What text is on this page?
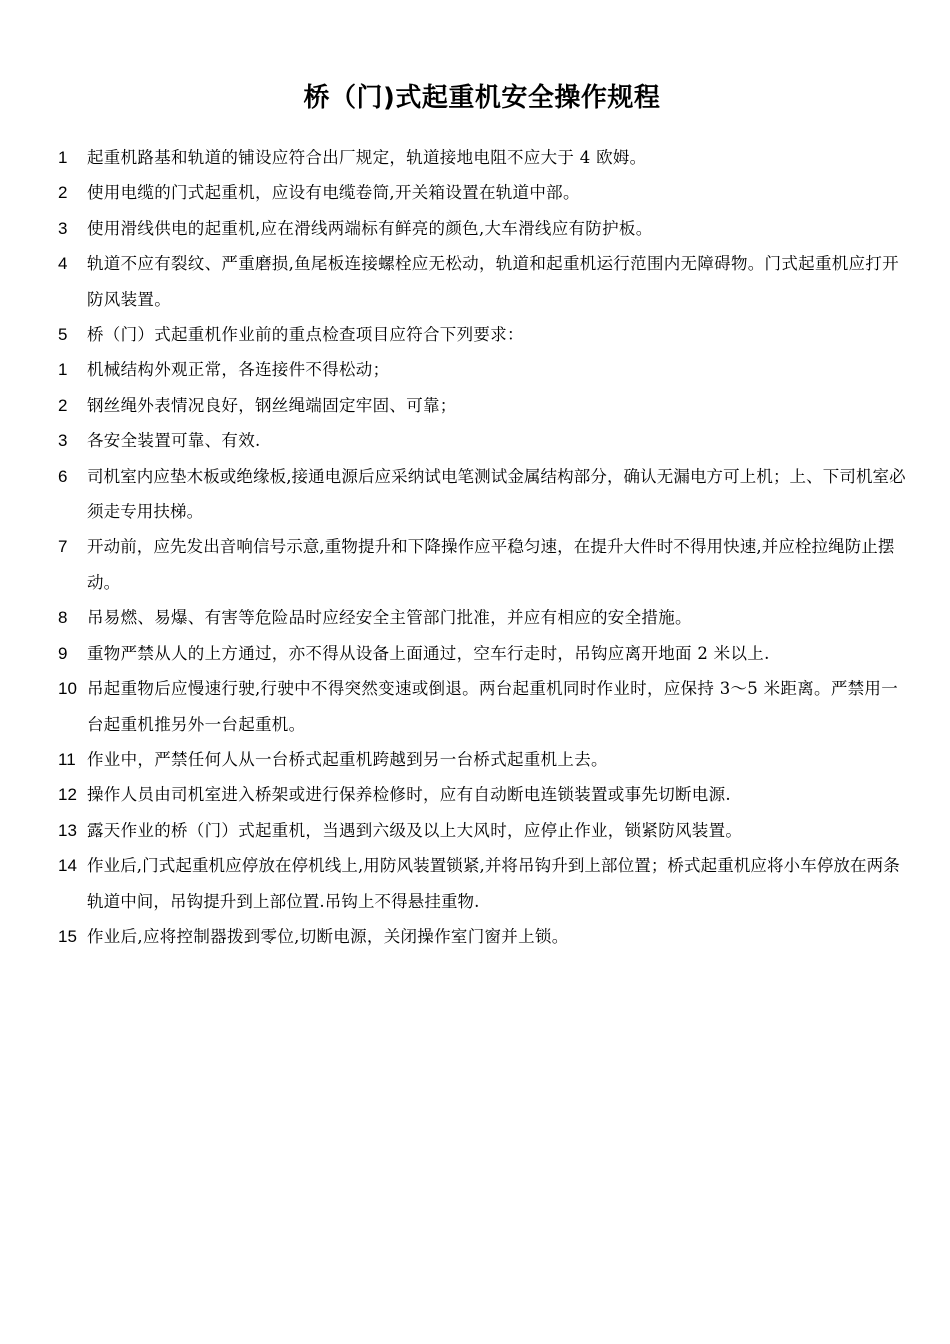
桥（门)式起重机安全操作规程
1 起重机路基和轨道的铺设应符合出厂规定，轨道接地电阻不应大于 4 欧姆。
2 使用电缆的门式起重机，应设有电缆卷筒,开关箱设置在轨道中部。
3 使用滑线供电的起重机,应在滑线两端标有鲜亮的颜色,大车滑线应有防护板。
4 轨道不应有裂纹、严重磨损,鱼尾板连接螺栓应无松动，轨道和起重机运行范围内无障碍物。门式起重机应打开防风装置。
5 桥（门）式起重机作业前的重点检查项目应符合下列要求：
1 机械结构外观正常，各连接件不得松动；
2 钢丝绳外表情况良好，钢丝绳端固定牢固、可靠；
3 各安全装置可靠、有效.
6 司机室内应垫木板或绝缘板,接通电源后应采纳试电笔测试金属结构部分，确认无漏电方可上机；上、下司机室必须走专用扶梯。
7 开动前，应先发出音响信号示意,重物提升和下降操作应平稳匀速，在提升大件时不得用快速,并应栓拉绳防止摆动。
8 吊易燃、易爆、有害等危险品时应经安全主管部门批准，并应有相应的安全措施。
9 重物严禁从人的上方通过，亦不得从设备上面通过，空车行走时，吊钩应离开地面 2 米以上.
10 吊起重物后应慢速行驶,行驶中不得突然变速或倒退。两台起重机同时作业时，应保持 3～5 米距离。严禁用一台起重机推另外一台起重机。
11 作业中，严禁任何人从一台桥式起重机跨越到另一台桥式起重机上去。
12 操作人员由司机室进入桥架或进行保养检修时，应有自动断电连锁装置或事先切断电源.
13 露天作业的桥（门）式起重机，当遇到六级及以上大风时，应停止作业，锁紧防风装置。
14 作业后,门式起重机应停放在停机线上,用防风装置锁紧,并将吊钩升到上部位置；桥式起重机应将小车停放在两条轨道中间，吊钩提升到上部位置.吊钩上不得悬挂重物.
15 作业后,应将控制器拨到零位,切断电源，关闭操作室门窗并上锁。
